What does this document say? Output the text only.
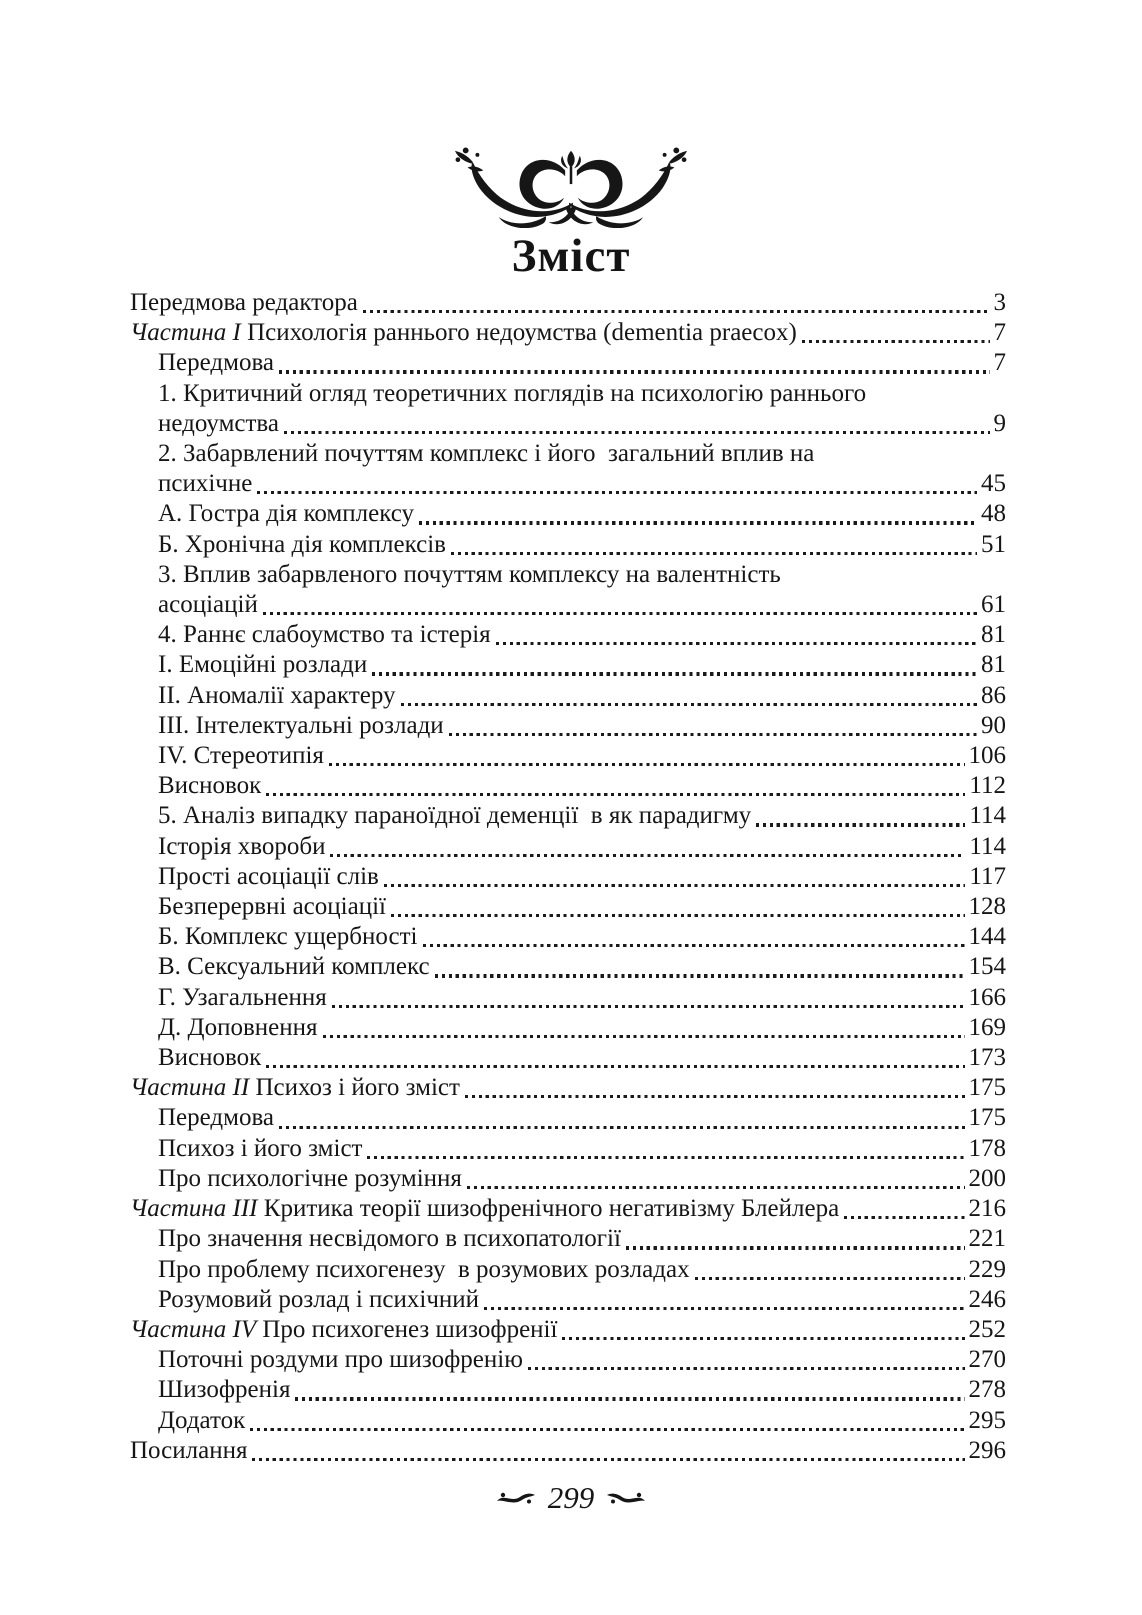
Зміст
Передмова редактора	3
Частина I Психологія раннього недоумства (dementia praecox)	7
Передмова	7
1. Критичний огляд теоретичних поглядів на психологію раннього
недоумства	9
2. Забарвлений почуттям комплекс і його  загальний вплив на
психічне	45
А. Гостра дія комплексу	48
Б. Хронічна дія комплексів	51
3. Вплив забарвленого почуттям комплексу на валентність
асоціацій	61
4. Раннє слабоумство та істерія	81
І. Емоційні розлади	81
ІІ. Аномалії характеру	86
ІІІ. Інтелектуальні розлади	90
IV. Стереотипія	106
Висновок	112
5. Аналіз випадку параноїдної деменції  в як парадигму	114
Історія хвороби	114
Прості асоціації слів	117
Безперервні асоціації	128
Б. Комплекс ущербності	144
В. Сексуальний комплекс	154
Г. Узагальнення	166
Д. Доповнення	169
Висновок	173
Частина II Психоз і його зміст	175
Передмова	175
Психоз і його зміст	178
Про психологічне розуміння	200
Частина III Критика теорії шизофренічного негативізму Блейлера	216
Про значення несвідомого в психопатології	221
Про проблему психогенезу  в розумових розладах	229
Розумовий розлад і психічний	246
Частина IV Про психогенез шизофренії	252
Поточні роздуми про шизофренію	270
Шизофренія	278
Додаток	295
Посилання	296
299
